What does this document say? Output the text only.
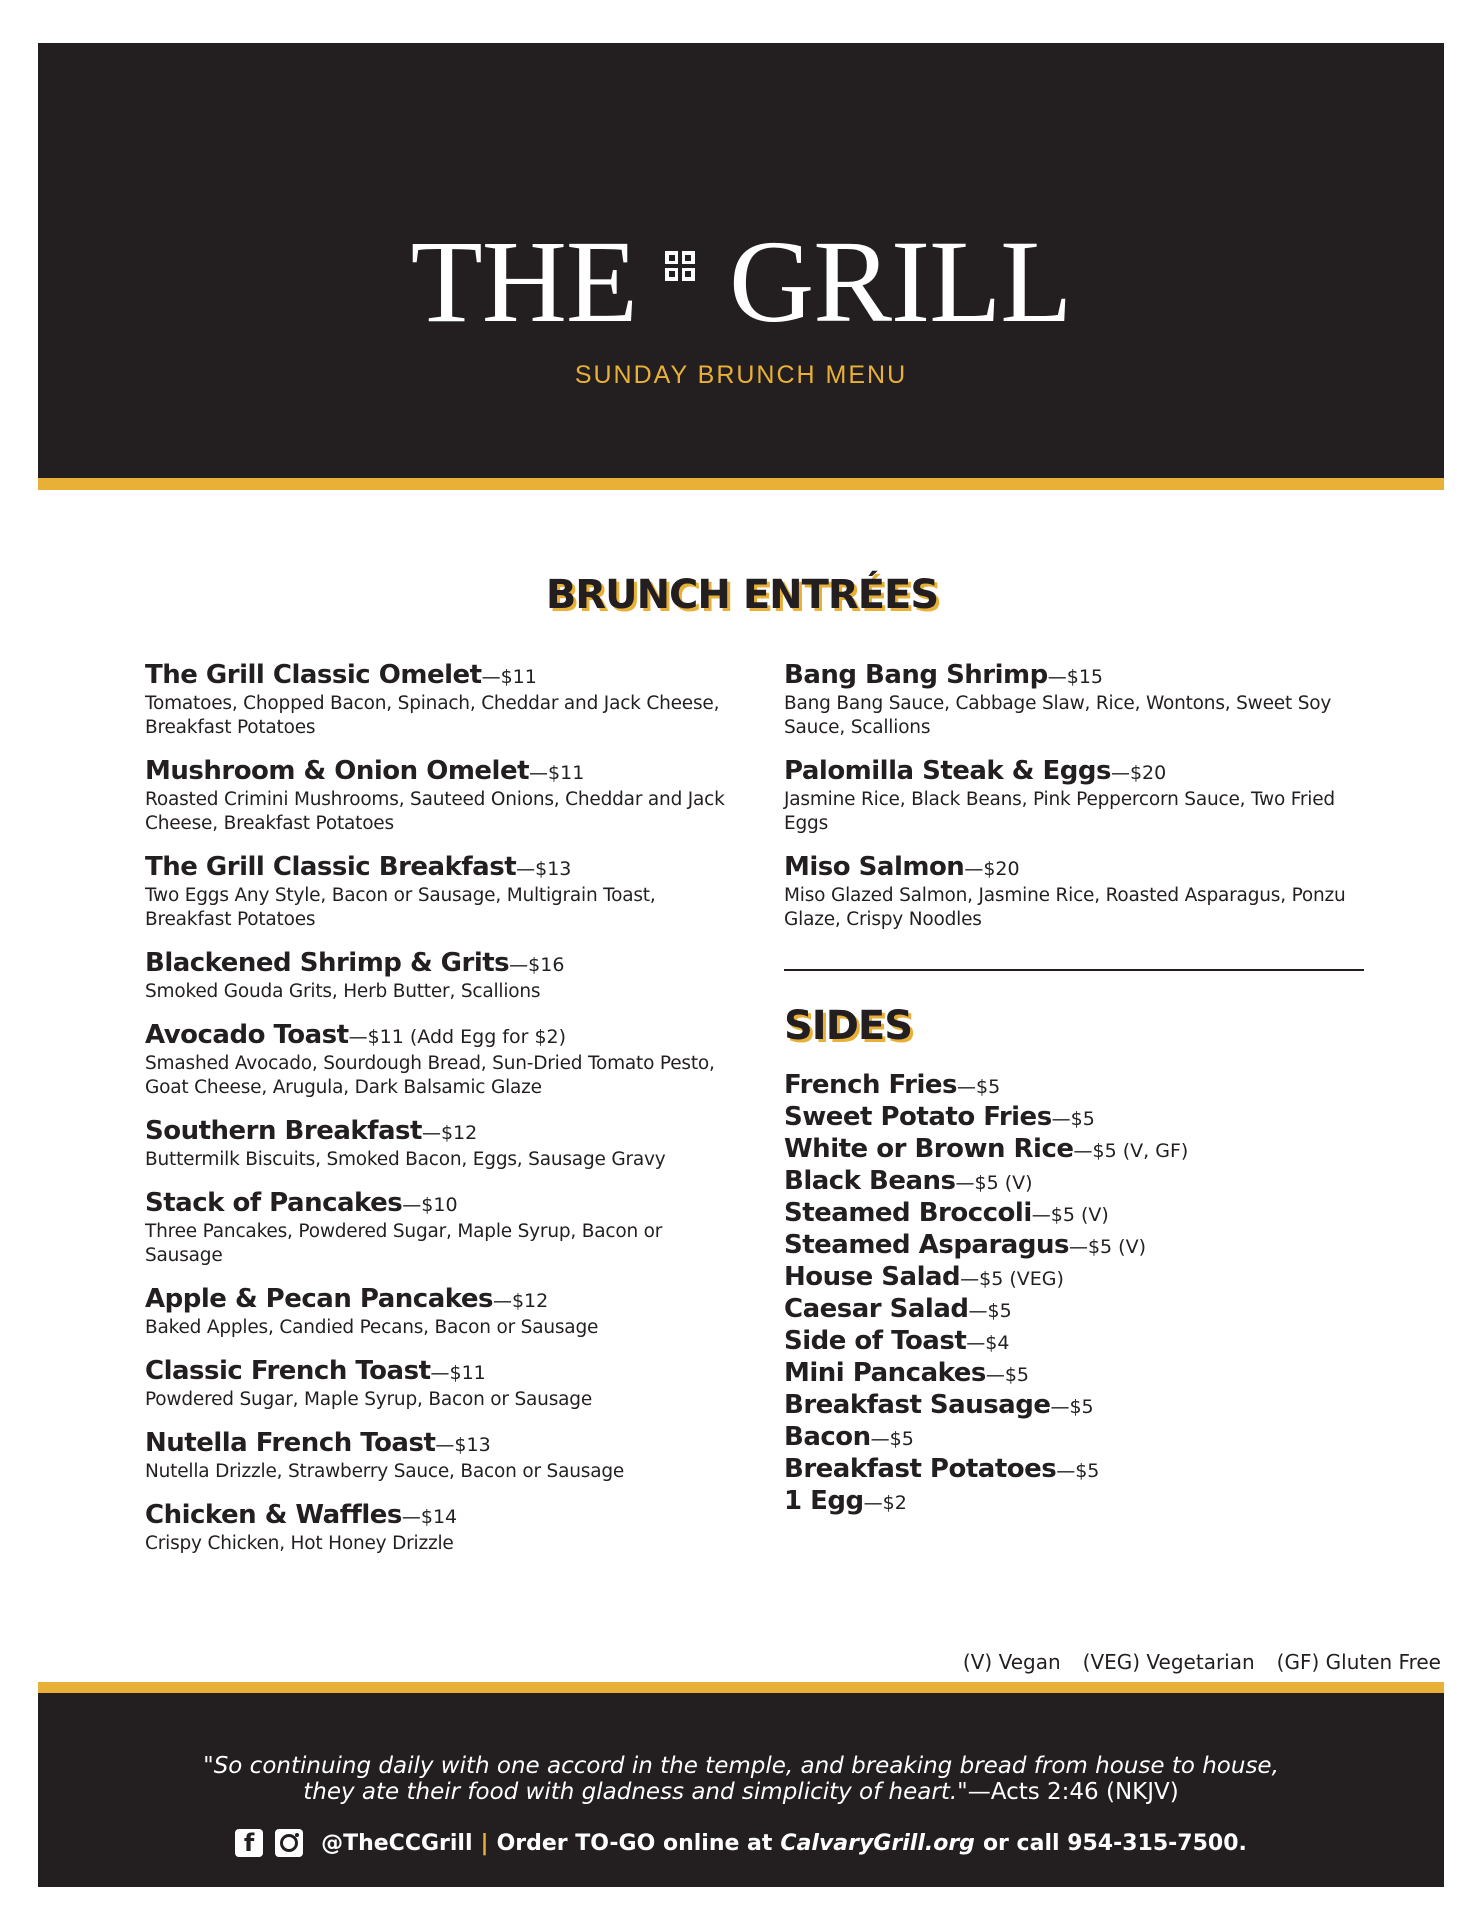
THE GRILL
SUNDAY BRUNCH MENU
BRUNCH ENTRÉES
The Grill Classic Omelet—$11
Tomatoes, Chopped Bacon, Spinach, Cheddar and Jack Cheese, Breakfast Potatoes
Mushroom & Onion Omelet—$11
Roasted Crimini Mushrooms, Sauteed Onions, Cheddar and Jack Cheese, Breakfast Potatoes
The Grill Classic Breakfast—$13
Two Eggs Any Style, Bacon or Sausage, Multigrain Toast, Breakfast Potatoes
Blackened Shrimp & Grits—$16
Smoked Gouda Grits, Herb Butter, Scallions
Avocado Toast—$11 (Add Egg for $2)
Smashed Avocado, Sourdough Bread, Sun-Dried Tomato Pesto, Goat Cheese, Arugula, Dark Balsamic Glaze
Southern Breakfast—$12
Buttermilk Biscuits, Smoked Bacon, Eggs, Sausage Gravy
Stack of Pancakes—$10
Three Pancakes, Powdered Sugar, Maple Syrup, Bacon or Sausage
Apple & Pecan Pancakes—$12
Baked Apples, Candied Pecans, Bacon or Sausage
Classic French Toast—$11
Powdered Sugar, Maple Syrup, Bacon or Sausage
Nutella French Toast—$13
Nutella Drizzle, Strawberry Sauce, Bacon or Sausage
Chicken & Waffles—$14
Crispy Chicken, Hot Honey Drizzle
Bang Bang Shrimp—$15
Bang Bang Sauce, Cabbage Slaw, Rice, Wontons, Sweet Soy Sauce, Scallions
Palomilla Steak & Eggs—$20
Jasmine Rice, Black Beans, Pink Peppercorn Sauce, Two Fried Eggs
Miso Salmon—$20
Miso Glazed Salmon, Jasmine Rice, Roasted Asparagus, Ponzu Glaze, Crispy Noodles
SIDES
French Fries—$5
Sweet Potato Fries—$5
White or Brown Rice—$5 (V, GF)
Black Beans—$5 (V)
Steamed Broccoli—$5 (V)
Steamed Asparagus—$5 (V)
House Salad—$5 (VEG)
Caesar Salad—$5
Side of Toast—$4
Mini Pancakes—$5
Breakfast Sausage—$5
Bacon—$5
Breakfast Potatoes—$5
1 Egg—$2
(V) Vegan (VEG) Vegetarian (GF) Gluten Free
"So continuing daily with one accord in the temple, and breaking bread from house to house,
they ate their food with gladness and simplicity of heart."—Acts 2:46 (NKJV)
f	@TheCCGrill | Order TO-GO online at CalvaryGrill.org or call 954-315-7500.
